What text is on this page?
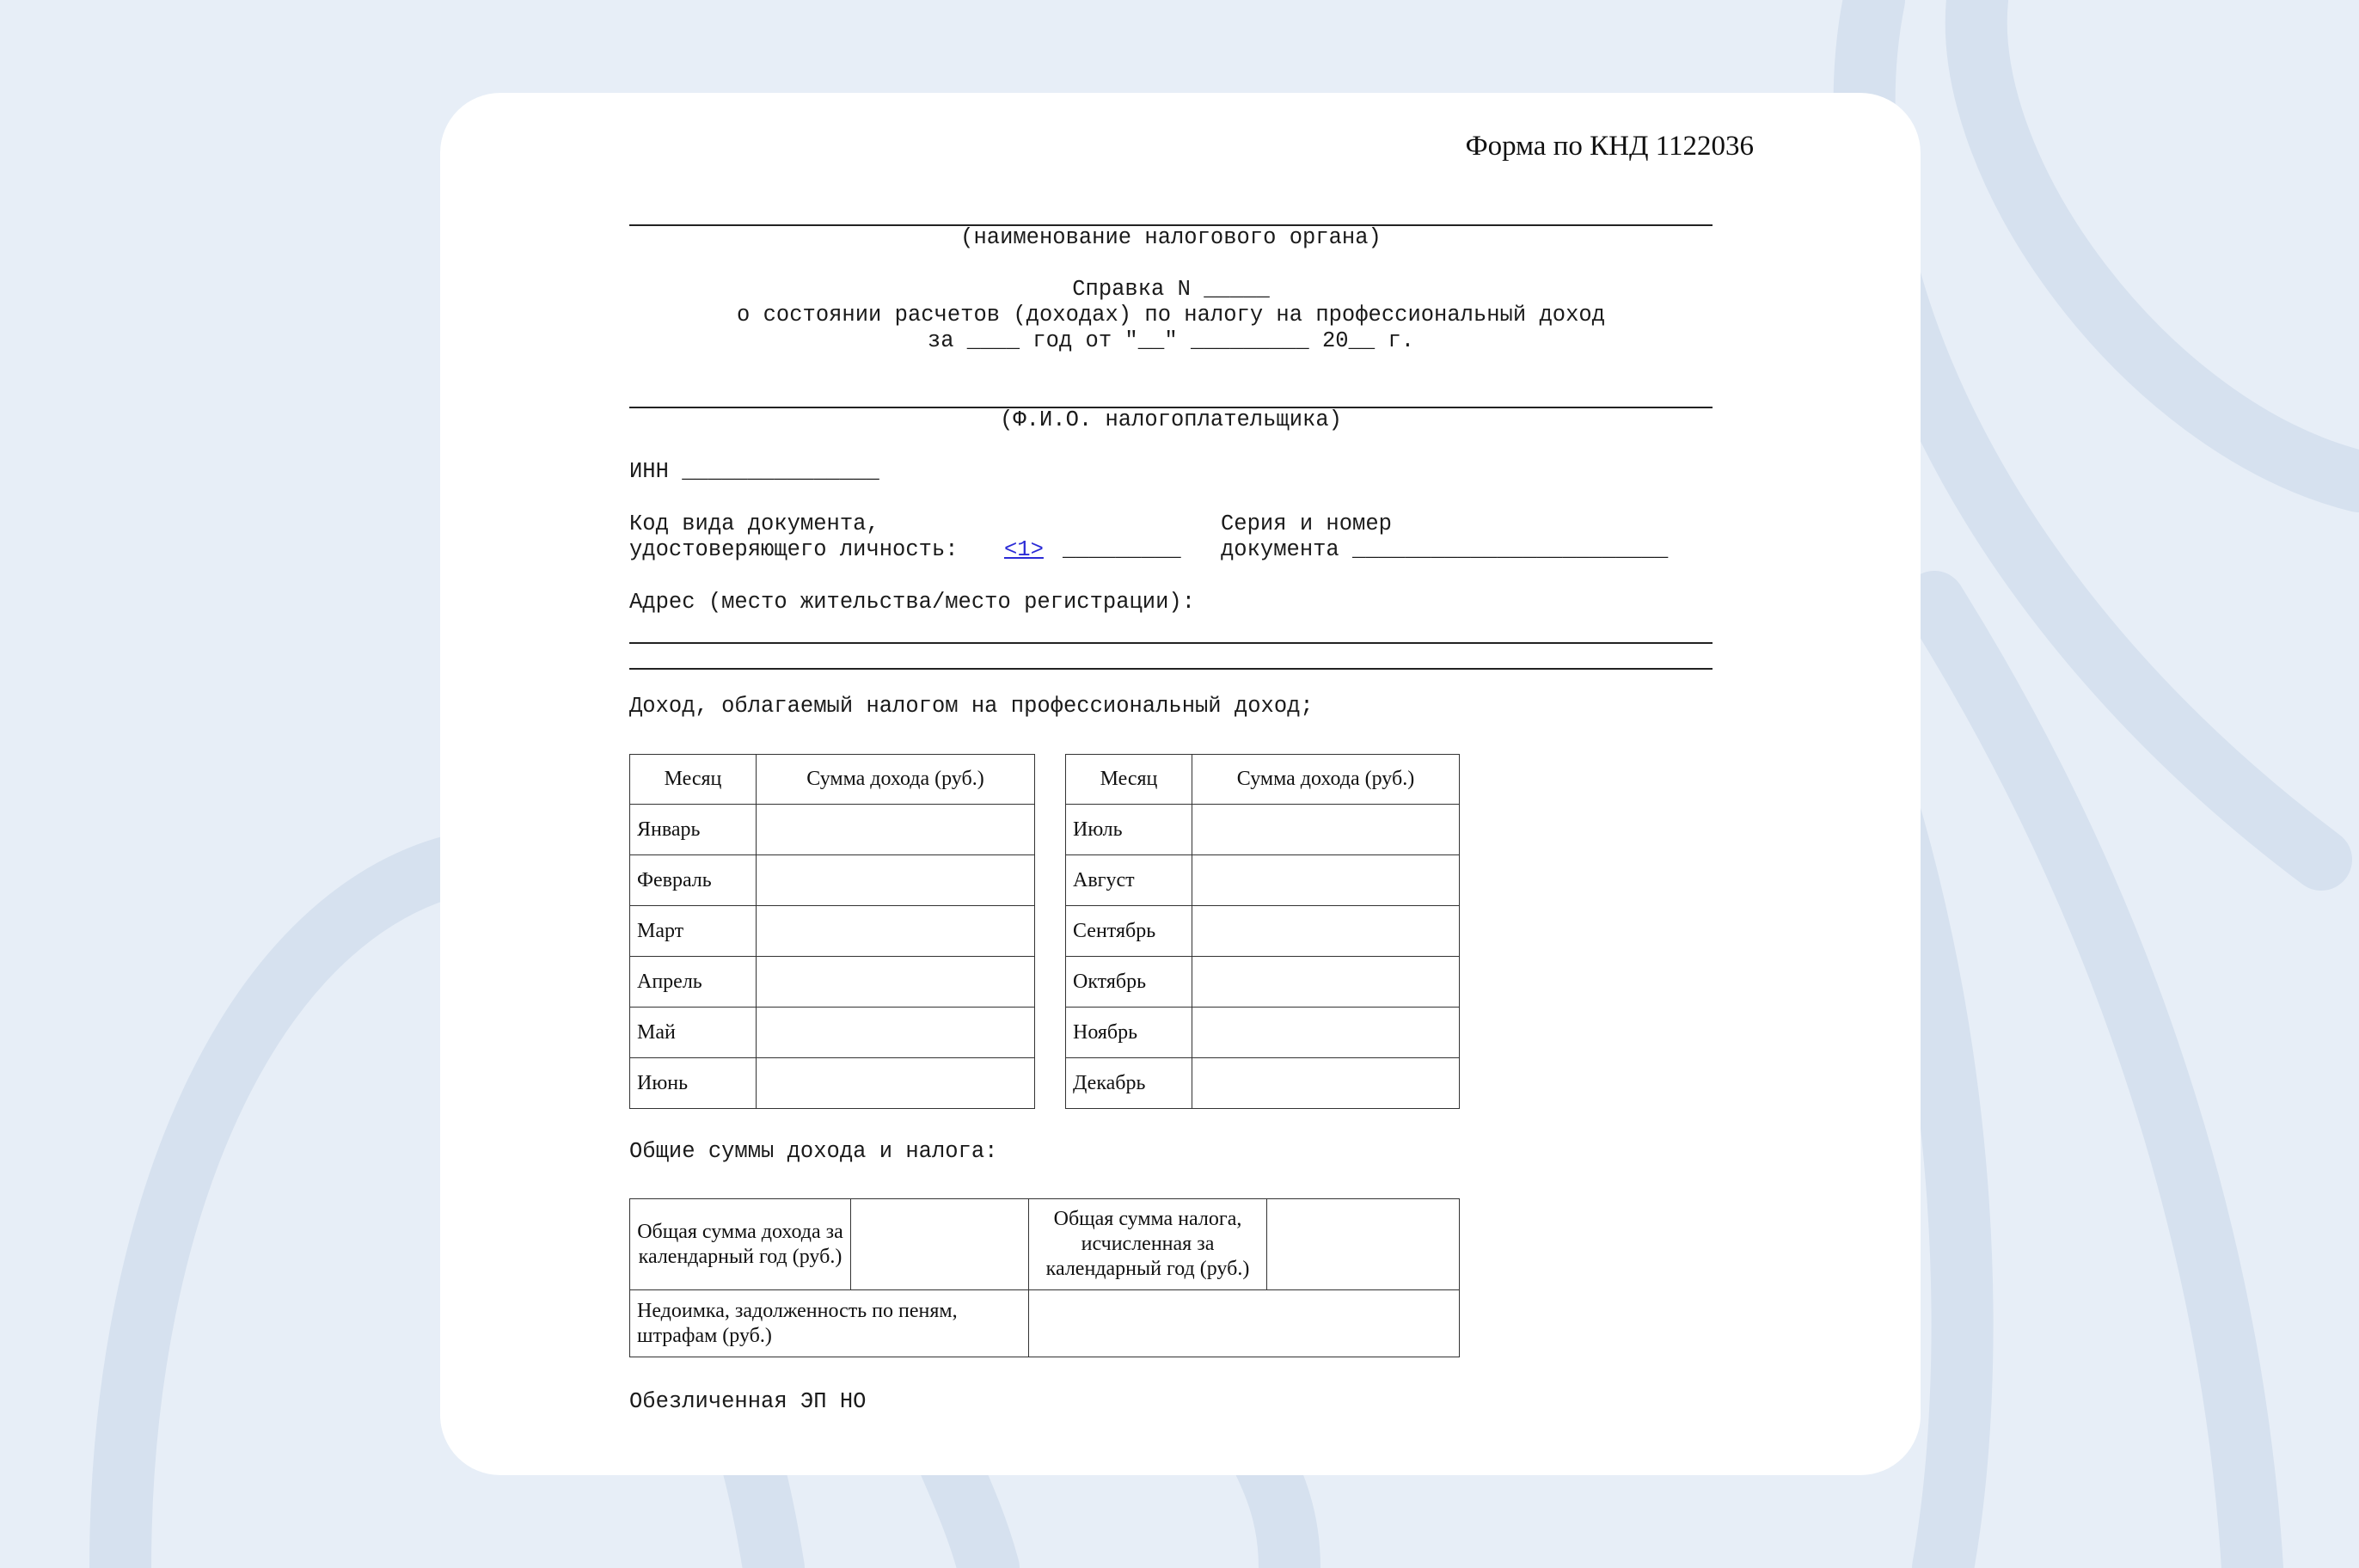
Форма по КНД 1122036
(наименование налогового органа)
Справка N _____
о состоянии расчетов (доходах) по налогу на профессиональный доход
за ____ год от "__" _________ 20__ г.
(Ф.И.О. налогоплательщика)
ИНН _______________
Код вида документа,
удостоверяющего личность: <1> _________
Серия и номер
документа ________________________
Адрес (место жительства/место регистрации):
Доход, облагаемый налогом на профессиональный доход;
Месяц	Сумма дохода (руб.)
Январь	
Февраль	
Март	
Апрель	
Май	
Июнь	
Месяц	Сумма дохода (руб.)
Июль	
Август	
Сентябрь	
Октябрь	
Ноябрь	
Декабрь	
Общие суммы дохода и налога:
Общая сумма дохода за календарный год (руб.)		Общая сумма налога, исчисленная за календарный год (руб.)	
Недоимка, задолженность по пеням, штрафам (руб.)			
Обезличенная ЭП НО
